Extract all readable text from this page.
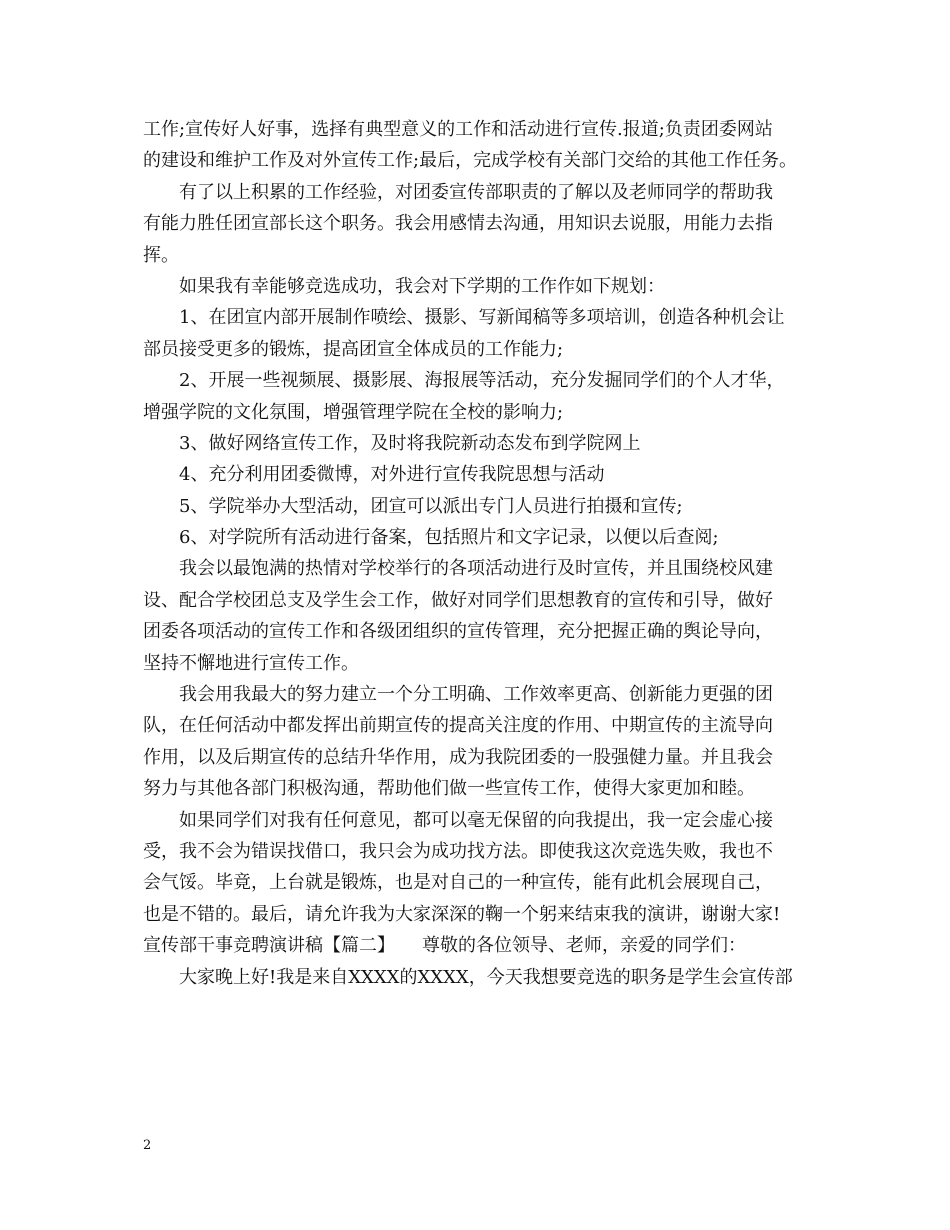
工作;宣传好人好事，选择有典型意义的工作和活动进行宣传.报道;负责团委网站
的建设和维护工作及对外宣传工作;最后，完成学校有关部门交给的其他工作任务。
有了以上积累的工作经验，对团委宣传部职责的了解以及老师同学的帮助我
有能力胜任团宣部长这个职务。我会用感情去沟通，用知识去说服，用能力去指
挥。
如果我有幸能够竞选成功，我会对下学期的工作作如下规划：
1、在团宣内部开展制作喷绘、摄影、写新闻稿等多项培训，创造各种机会让
部员接受更多的锻炼，提高团宣全体成员的工作能力;
2、开展一些视频展、摄影展、海报展等活动，充分发掘同学们的个人才华，
增强学院的文化氛围，增强管理学院在全校的影响力;
3、做好网络宣传工作，及时将我院新动态发布到学院网上
4、充分利用团委微博，对外进行宣传我院思想与活动
5、学院举办大型活动，团宣可以派出专门人员进行拍摄和宣传;
6、对学院所有活动进行备案，包括照片和文字记录，以便以后查阅;
我会以最饱满的热情对学校举行的各项活动进行及时宣传，并且围绕校风建
设、配合学校团总支及学生会工作，做好对同学们思想教育的宣传和引导，做好
团委各项活动的宣传工作和各级团组织的宣传管理，充分把握正确的舆论导向，
坚持不懈地进行宣传工作。
我会用我最大的努力建立一个分工明确、工作效率更高、创新能力更强的团
队，在任何活动中都发挥出前期宣传的提高关注度的作用、中期宣传的主流导向
作用，以及后期宣传的总结升华作用，成为我院团委的一股强健力量。并且我会
努力与其他各部门积极沟通，帮助他们做一些宣传工作，使得大家更加和睦。
如果同学们对我有任何意见，都可以毫无保留的向我提出，我一定会虚心接
受，我不会为错误找借口，我只会为成功找方法。即使我这次竞选失败，我也不
会气馁。毕竟，上台就是锻炼，也是对自己的一种宣传，能有此机会展现自己，
也是不错的。最后，请允许我为大家深深的鞠一个躬来结束我的演讲，谢谢大家!
宣传部干事竞聘演讲稿【篇二】　　尊敬的各位领导、老师，亲爱的同学们：
大家晚上好!我是来自XXXX的XXXX，今天我想要竞选的职务是学生会宣传部
2
